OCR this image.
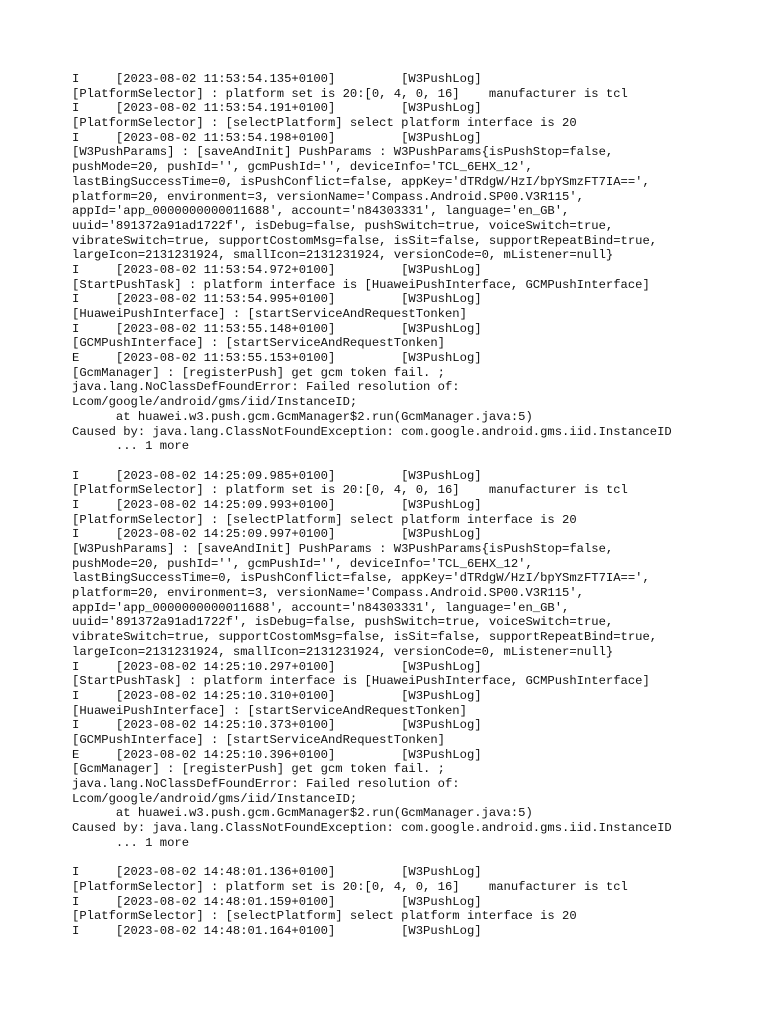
I     [2023-08-02 11:53:54.135+0100]         [W3PushLog]
[PlatformSelector] : platform set is 20:[0, 4, 0, 16]    manufacturer is tcl
I     [2023-08-02 11:53:54.191+0100]         [W3PushLog]
[PlatformSelector] : [selectPlatform] select platform interface is 20
I     [2023-08-02 11:53:54.198+0100]         [W3PushLog]
[W3PushParams] : [saveAndInit] PushParams : W3PushParams{isPushStop=false,
pushMode=20, pushId='', gcmPushId='', deviceInfo='TCL_6EHX_12',
lastBingSuccessTime=0, isPushConflict=false, appKey='dTRdgW/HzI/bpYSmzFT7IA==',
platform=20, environment=3, versionName='Compass.Android.SP00.V3R115',
appId='app_0000000000011688', account='n84303331', language='en_GB',
uuid='891372a91ad1722f', isDebug=false, pushSwitch=true, voiceSwitch=true,
vibrateSwitch=true, supportCostomMsg=false, isSit=false, supportRepeatBind=true,
largeIcon=2131231924, smallIcon=2131231924, versionCode=0, mListener=null}
I     [2023-08-02 11:53:54.972+0100]         [W3PushLog]
[StartPushTask] : platform interface is [HuaweiPushInterface, GCMPushInterface]
I     [2023-08-02 11:53:54.995+0100]         [W3PushLog]
[HuaweiPushInterface] : [startServiceAndRequestTonken]
I     [2023-08-02 11:53:55.148+0100]         [W3PushLog]
[GCMPushInterface] : [startServiceAndRequestTonken]
E     [2023-08-02 11:53:55.153+0100]         [W3PushLog]
[GcmManager] : [registerPush] get gcm token fail. ;
java.lang.NoClassDefFoundError: Failed resolution of:
Lcom/google/android/gms/iid/InstanceID;
at huawei.w3.push.gcm.GcmManager$2.run(GcmManager.java:5)
Caused by: java.lang.ClassNotFoundException: com.google.android.gms.iid.InstanceID
... 1 more
I     [2023-08-02 14:25:09.985+0100]         [W3PushLog]
[PlatformSelector] : platform set is 20:[0, 4, 0, 16]    manufacturer is tcl
I     [2023-08-02 14:25:09.993+0100]         [W3PushLog]
[PlatformSelector] : [selectPlatform] select platform interface is 20
I     [2023-08-02 14:25:09.997+0100]         [W3PushLog]
[W3PushParams] : [saveAndInit] PushParams : W3PushParams{isPushStop=false,
pushMode=20, pushId='', gcmPushId='', deviceInfo='TCL_6EHX_12',
lastBingSuccessTime=0, isPushConflict=false, appKey='dTRdgW/HzI/bpYSmzFT7IA==',
platform=20, environment=3, versionName='Compass.Android.SP00.V3R115',
appId='app_0000000000011688', account='n84303331', language='en_GB',
uuid='891372a91ad1722f', isDebug=false, pushSwitch=true, voiceSwitch=true,
vibrateSwitch=true, supportCostomMsg=false, isSit=false, supportRepeatBind=true,
largeIcon=2131231924, smallIcon=2131231924, versionCode=0, mListener=null}
I     [2023-08-02 14:25:10.297+0100]         [W3PushLog]
[StartPushTask] : platform interface is [HuaweiPushInterface, GCMPushInterface]
I     [2023-08-02 14:25:10.310+0100]         [W3PushLog]
[HuaweiPushInterface] : [startServiceAndRequestTonken]
I     [2023-08-02 14:25:10.373+0100]         [W3PushLog]
[GCMPushInterface] : [startServiceAndRequestTonken]
E     [2023-08-02 14:25:10.396+0100]         [W3PushLog]
[GcmManager] : [registerPush] get gcm token fail. ;
java.lang.NoClassDefFoundError: Failed resolution of:
Lcom/google/android/gms/iid/InstanceID;
at huawei.w3.push.gcm.GcmManager$2.run(GcmManager.java:5)
Caused by: java.lang.ClassNotFoundException: com.google.android.gms.iid.InstanceID
... 1 more
I     [2023-08-02 14:48:01.136+0100]         [W3PushLog]
[PlatformSelector] : platform set is 20:[0, 4, 0, 16]    manufacturer is tcl
I     [2023-08-02 14:48:01.159+0100]         [W3PushLog]
[PlatformSelector] : [selectPlatform] select platform interface is 20
I     [2023-08-02 14:48:01.164+0100]         [W3PushLog]
